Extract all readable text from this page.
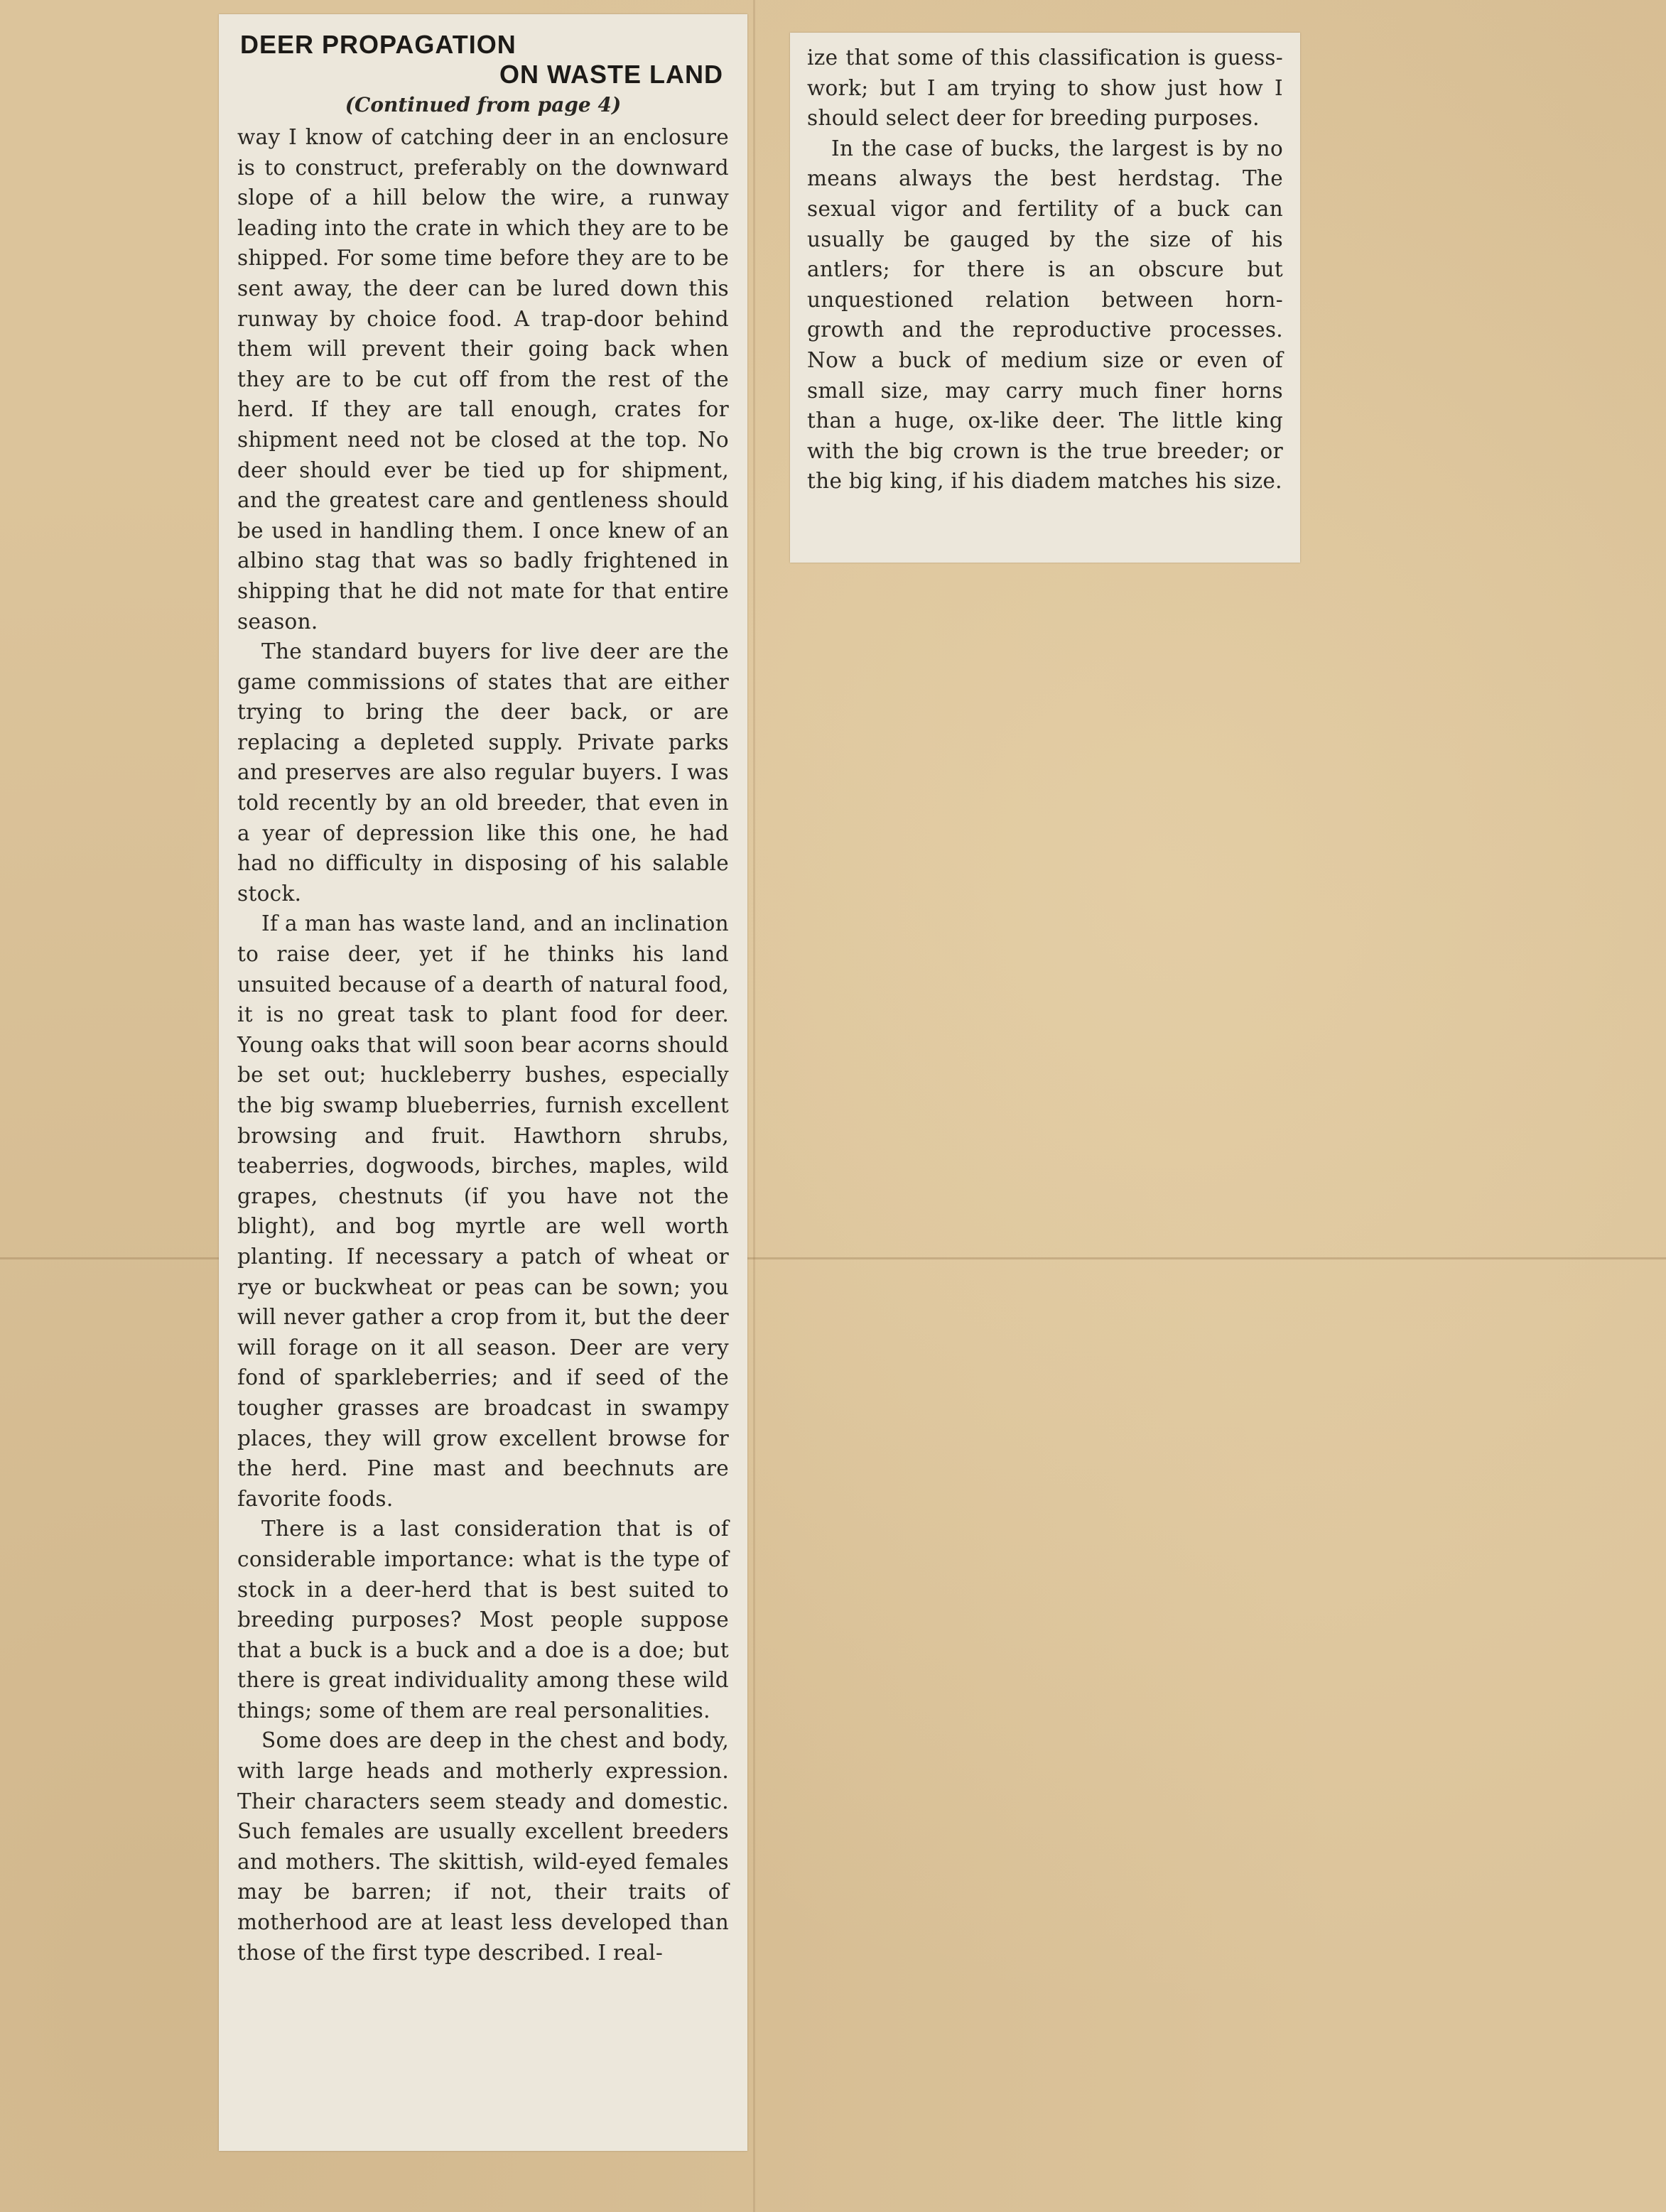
DEER PROPAGATION
ON WASTE LAND
(Continued from page 4)

way I know of catching deer in an enclosure is to construct, preferably on the downward slope of a hill below the wire, a runway leading into the crate in which they are to be shipped. For some time before they are to be sent away, the deer can be lured down this runway by choice food. A trap-door behind them will prevent their going back when they are to be cut off from the rest of the herd. If they are tall enough, crates for shipment need not be closed at the top. No deer should ever be tied up for shipment, and the greatest care and gentleness should be used in handling them. I once knew of an albino stag that was so badly frightened in shipping that he did not mate for that entire season.

The standard buyers for live deer are the game commissions of states that are either trying to bring the deer back, or are replacing a depleted supply. Private parks and preserves are also regular buyers. I was told recently by an old breeder, that even in a year of depression like this one, he had had no difficulty in disposing of his salable stock.

If a man has waste land, and an inclination to raise deer, yet if he thinks his land unsuited because of a dearth of natural food, it is no great task to plant food for deer. Young oaks that will soon bear acorns should be set out; huckleberry bushes, especially the big swamp blueberries, furnish excellent browsing and fruit. Hawthorn shrubs, teaberries, dogwoods, birches, maples, wild grapes, chestnuts (if you have not the blight), and bog myrtle are well worth planting. If necessary a patch of wheat or rye or buckwheat or peas can be sown; you will never gather a crop from it, but the deer will forage on it all season. Deer are very fond of sparkleberries; and if seed of the tougher grasses are broadcast in swampy places, they will grow excellent browse for the herd. Pine mast and beechnuts are favorite foods.

There is a last consideration that is of considerable importance: what is the type of stock in a deer-herd that is best suited to breeding purposes? Most people suppose that a buck is a buck and a doe is a doe; but there is great individuality among these wild things; some of them are real personalities.

Some does are deep in the chest and body, with large heads and motherly expression. Their characters seem steady and domestic. Such females are usually excellent breeders and mothers. The skittish, wild-eyed females may be barren; if not, their traits of motherhood are at least less developed than those of the first type described. I real-

ize that some of this classification is guess-work; but I am trying to show just how I should select deer for breeding purposes.

In the case of bucks, the largest is by no means always the best herdstag. The sexual vigor and fertility of a buck can usually be gauged by the size of his antlers; for there is an obscure but unquestioned relation between horn-growth and the reproductive processes. Now a buck of medium size or even of small size, may carry much finer horns than a huge, ox-like deer. The little king with the big crown is the true breeder; or the big king, if his diadem matches his size.
